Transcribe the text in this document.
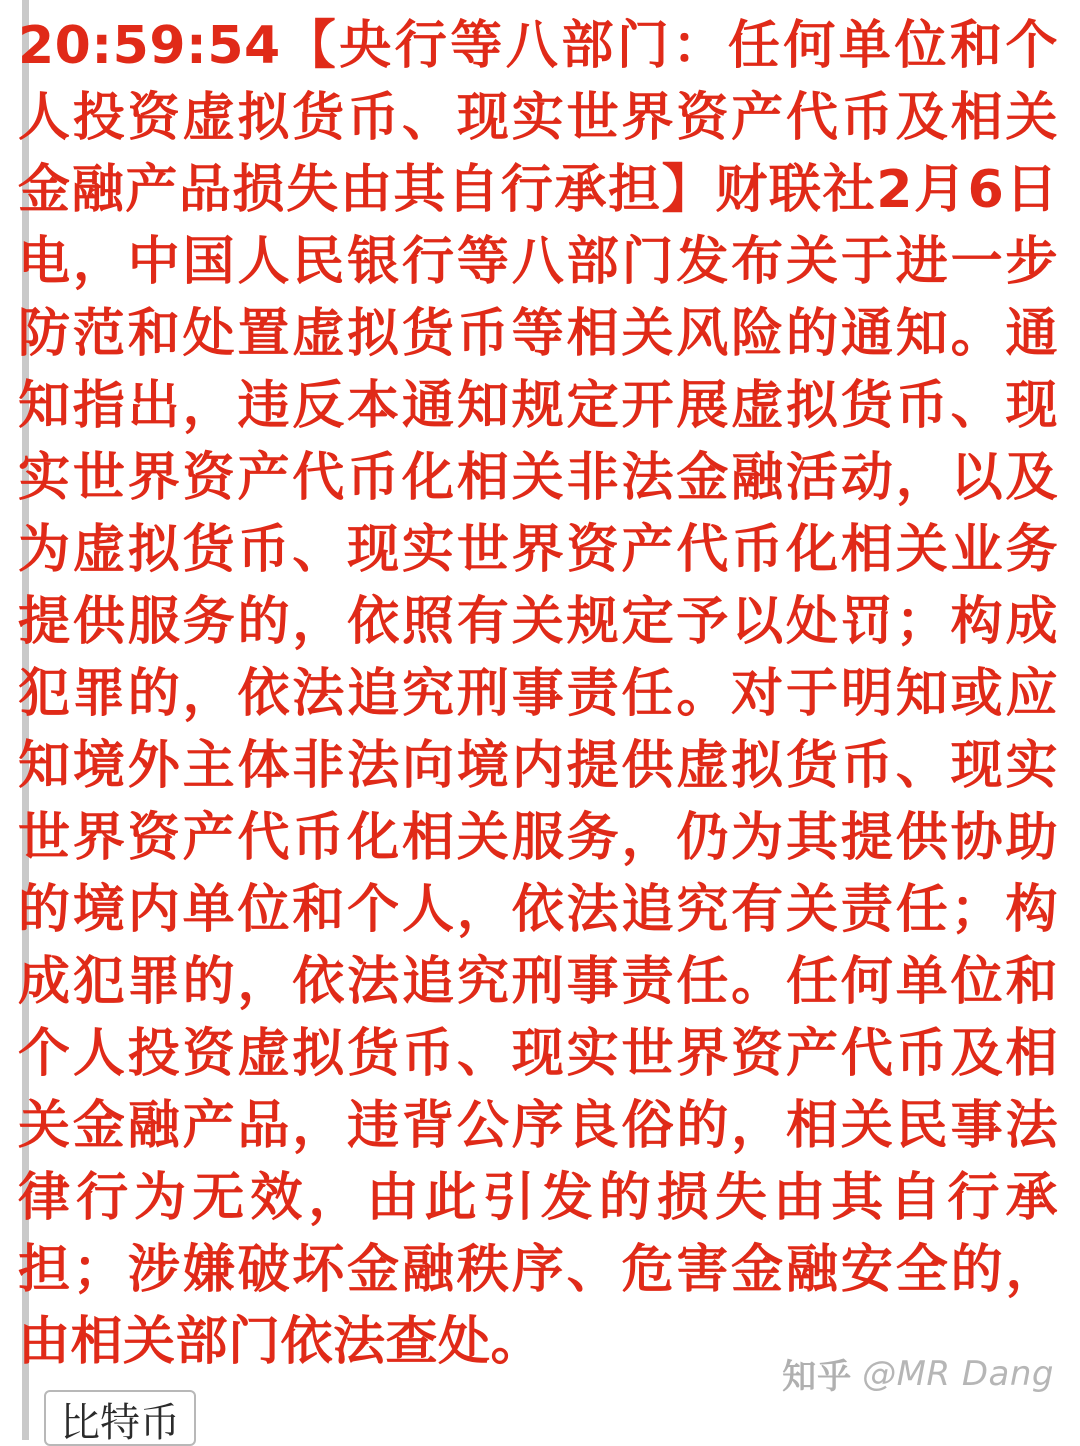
20:59:54【央行等八部门：任何单位和个人投资虚拟货币、现实世界资产代币及相关金融产品损失由其自行承担】财联社2月6日电，中国人民银行等八部门发布关于进一步防范和处置虚拟货币等相关风险的通知。通知指出，违反本通知规定开展虚拟货币、现实世界资产代币化相关非法金融活动，以及为虚拟货币、现实世界资产代币化相关业务提供服务的，依照有关规定予以处罚；构成犯罪的，依法追究刑事责任。对于明知或应知境外主体非法向境内提供虚拟货币、现实世界资产代币化相关服务，仍为其提供协助的境内单位和个人，依法追究有关责任；构成犯罪的，依法追究刑事责任。任何单位和个人投资虚拟货币、现实世界资产代币及相关金融产品，违背公序良俗的，相关民事法律行为无效，由此引发的损失由其自行承担；涉嫌破坏金融秩序、危害金融安全的，由相关部门依法查处。
比特币
知乎 @MR Dang
